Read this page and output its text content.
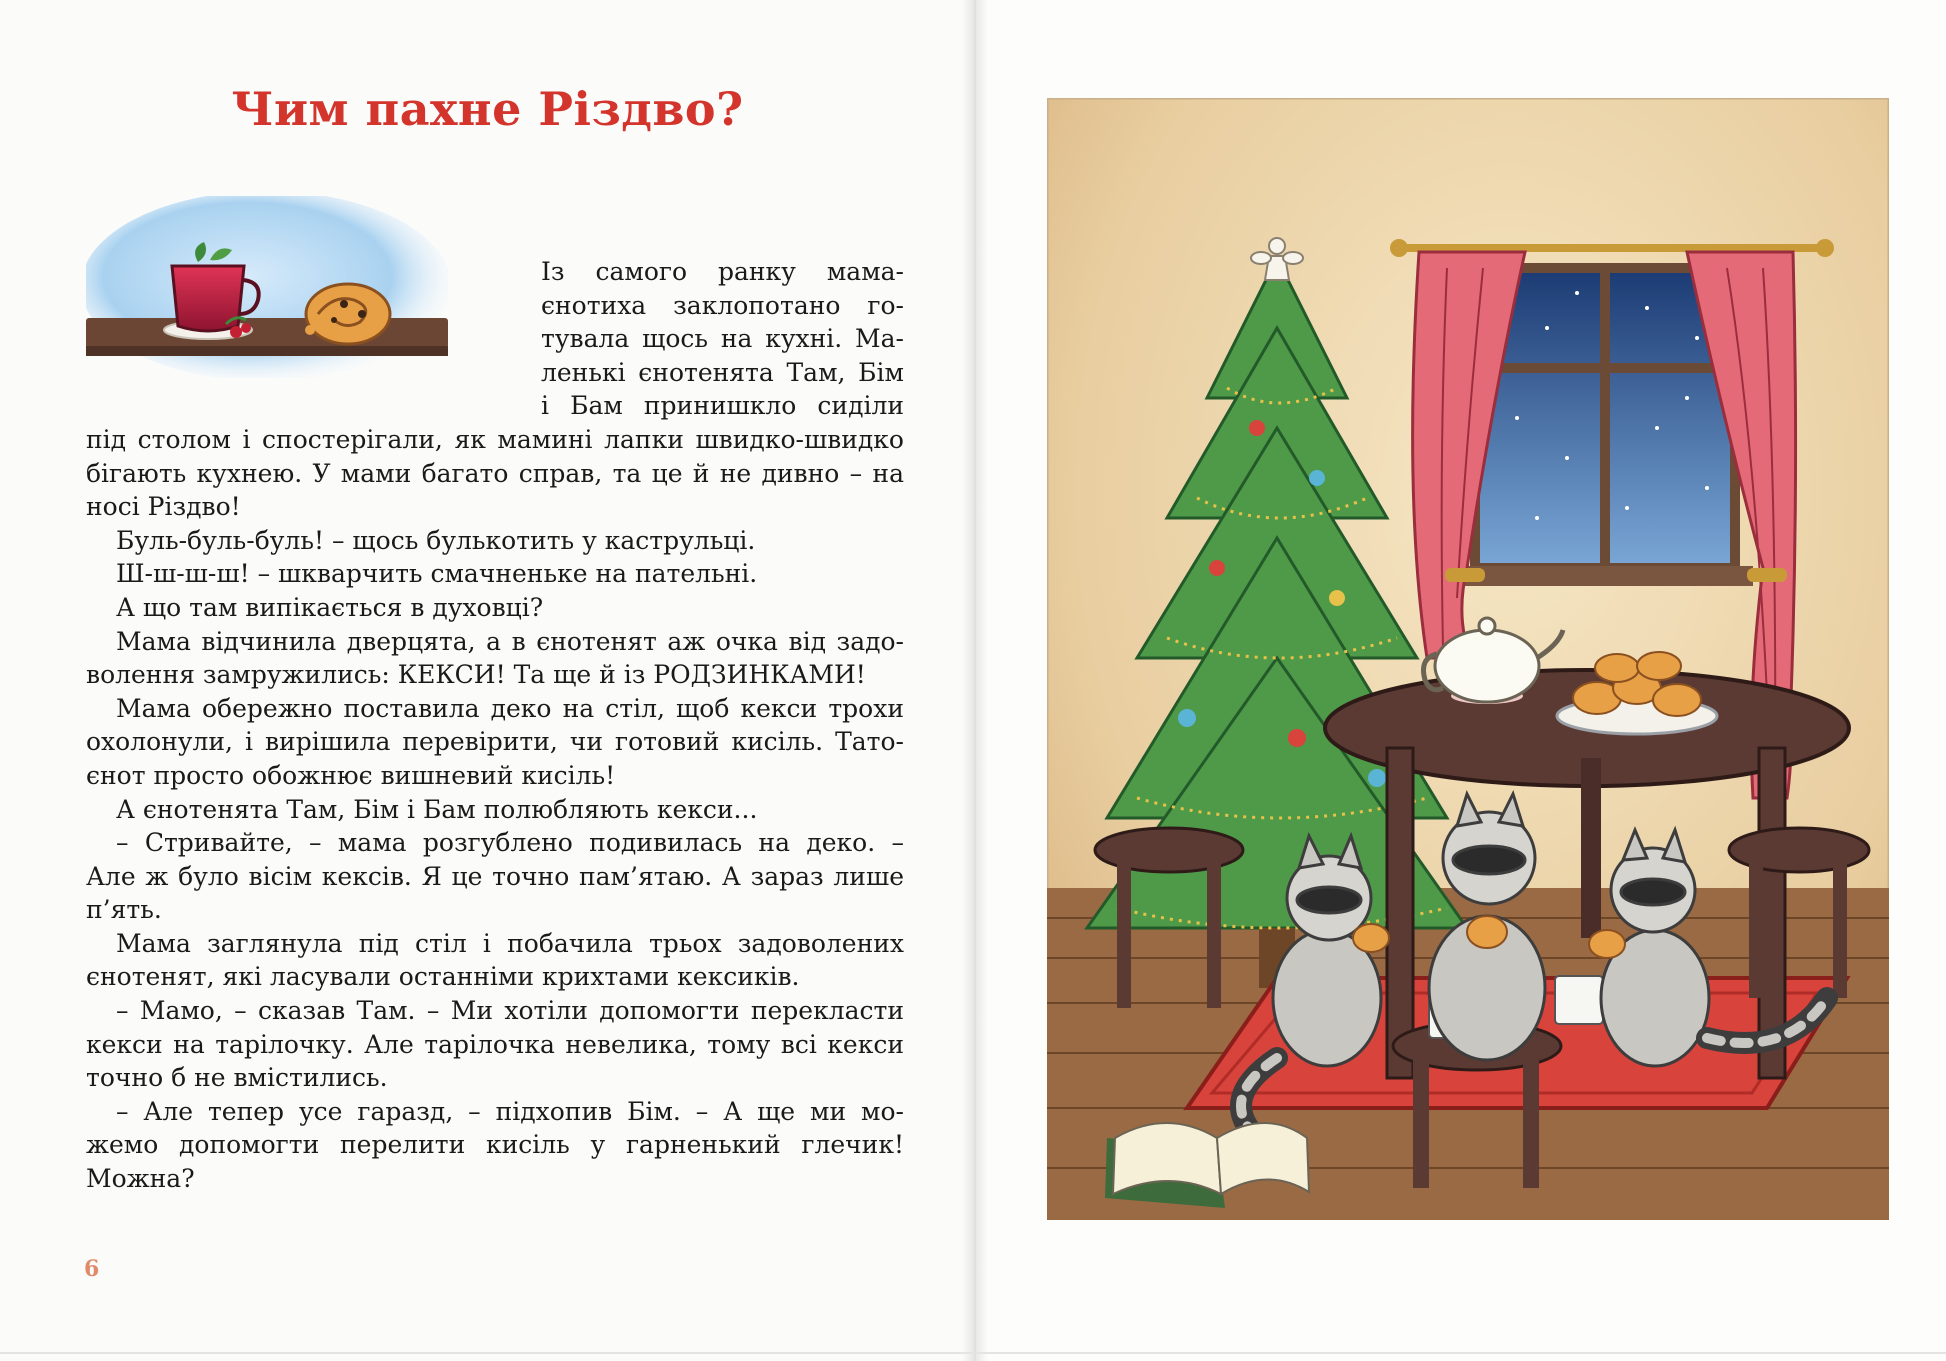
Чим пахне Різдво?
Із самого ранку мама-
єнотиха заклопотано го-
тувала щось на кухні. Ма-
ленькі єнотенята Там, Бім
і Бам принишкло сиділи
під столом і спостерігали, як мамині лапки швидко-швидко
бігають кухнею. У мами багато справ, та це й не дивно – на
носі Різдво!
Буль-буль-буль! – щось булькотить у каструльці.
Ш-ш-ш-ш! – шкварчить смачненьке на пательні.
А що там випікається в духовці?
Мама відчинила дверцята, а в єнотенят аж очка від задо-
волення замружились: КЕКСИ! Та ще й із РОДЗИНКАМИ!
Мама обережно поставила деко на стіл, щоб кекси трохи
охолонули, і вирішила перевірити, чи готовий кисіль. Тато-
єнот просто обожнює вишневий кисіль!
А єнотенята Там, Бім і Бам полюбляють кекси...
– Стривайте, – мама розгублено подивилась на деко. –
Але ж було вісім кексів. Я це точно пам’ятаю. А зараз лише
п’ять.
Мама заглянула під стіл і побачила трьох задоволених
єнотенят, які ласували останніми крихтами кексиків.
– Мамо, – сказав Там. – Ми хотіли допомогти перекласти
кекси на тарілочку. Але тарілочка невелика, тому всі кекси
точно б не вмістились.
– Але тепер усе гаразд, – підхопив Бім. – А ще ми мо-
жемо допомогти перелити кисіль у гарненький глечик!
Можна?
6
